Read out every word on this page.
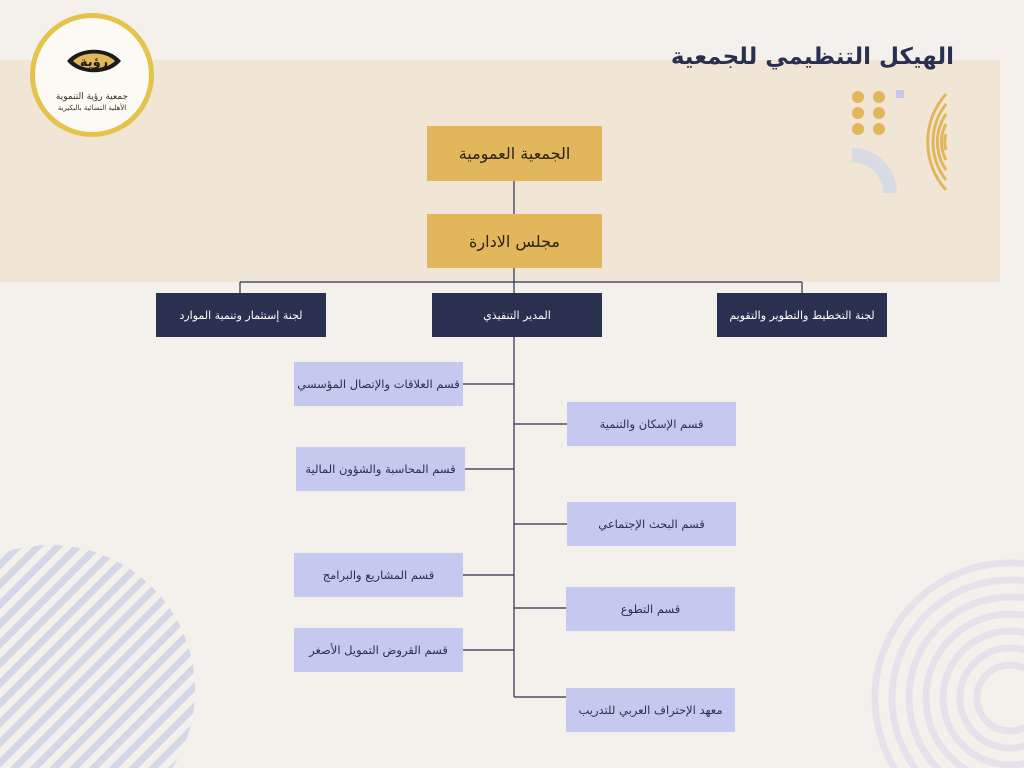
رؤية
جمعية رؤية التنموية
الأهلية النسائية بالبكيرية
الهيكل التنظيمي للجمعية
الجمعية العمومية
مجلس الادارة
لجنة إستثمار وتنمية الموارد	المدير التنفيذي	لجنة التخطيط والتطوير والتقويم
قسم العلاقات والإتصال المؤسسي
قسم المحاسبة والشؤون المالية
قسم المشاريع والبرامج
قسم القروض التمويل الأصغر
قسم الإسكان والتنمية
قسم البحث الإجتماعي
قسم التطوع
معهد الإحتراف العربي للتدريب
